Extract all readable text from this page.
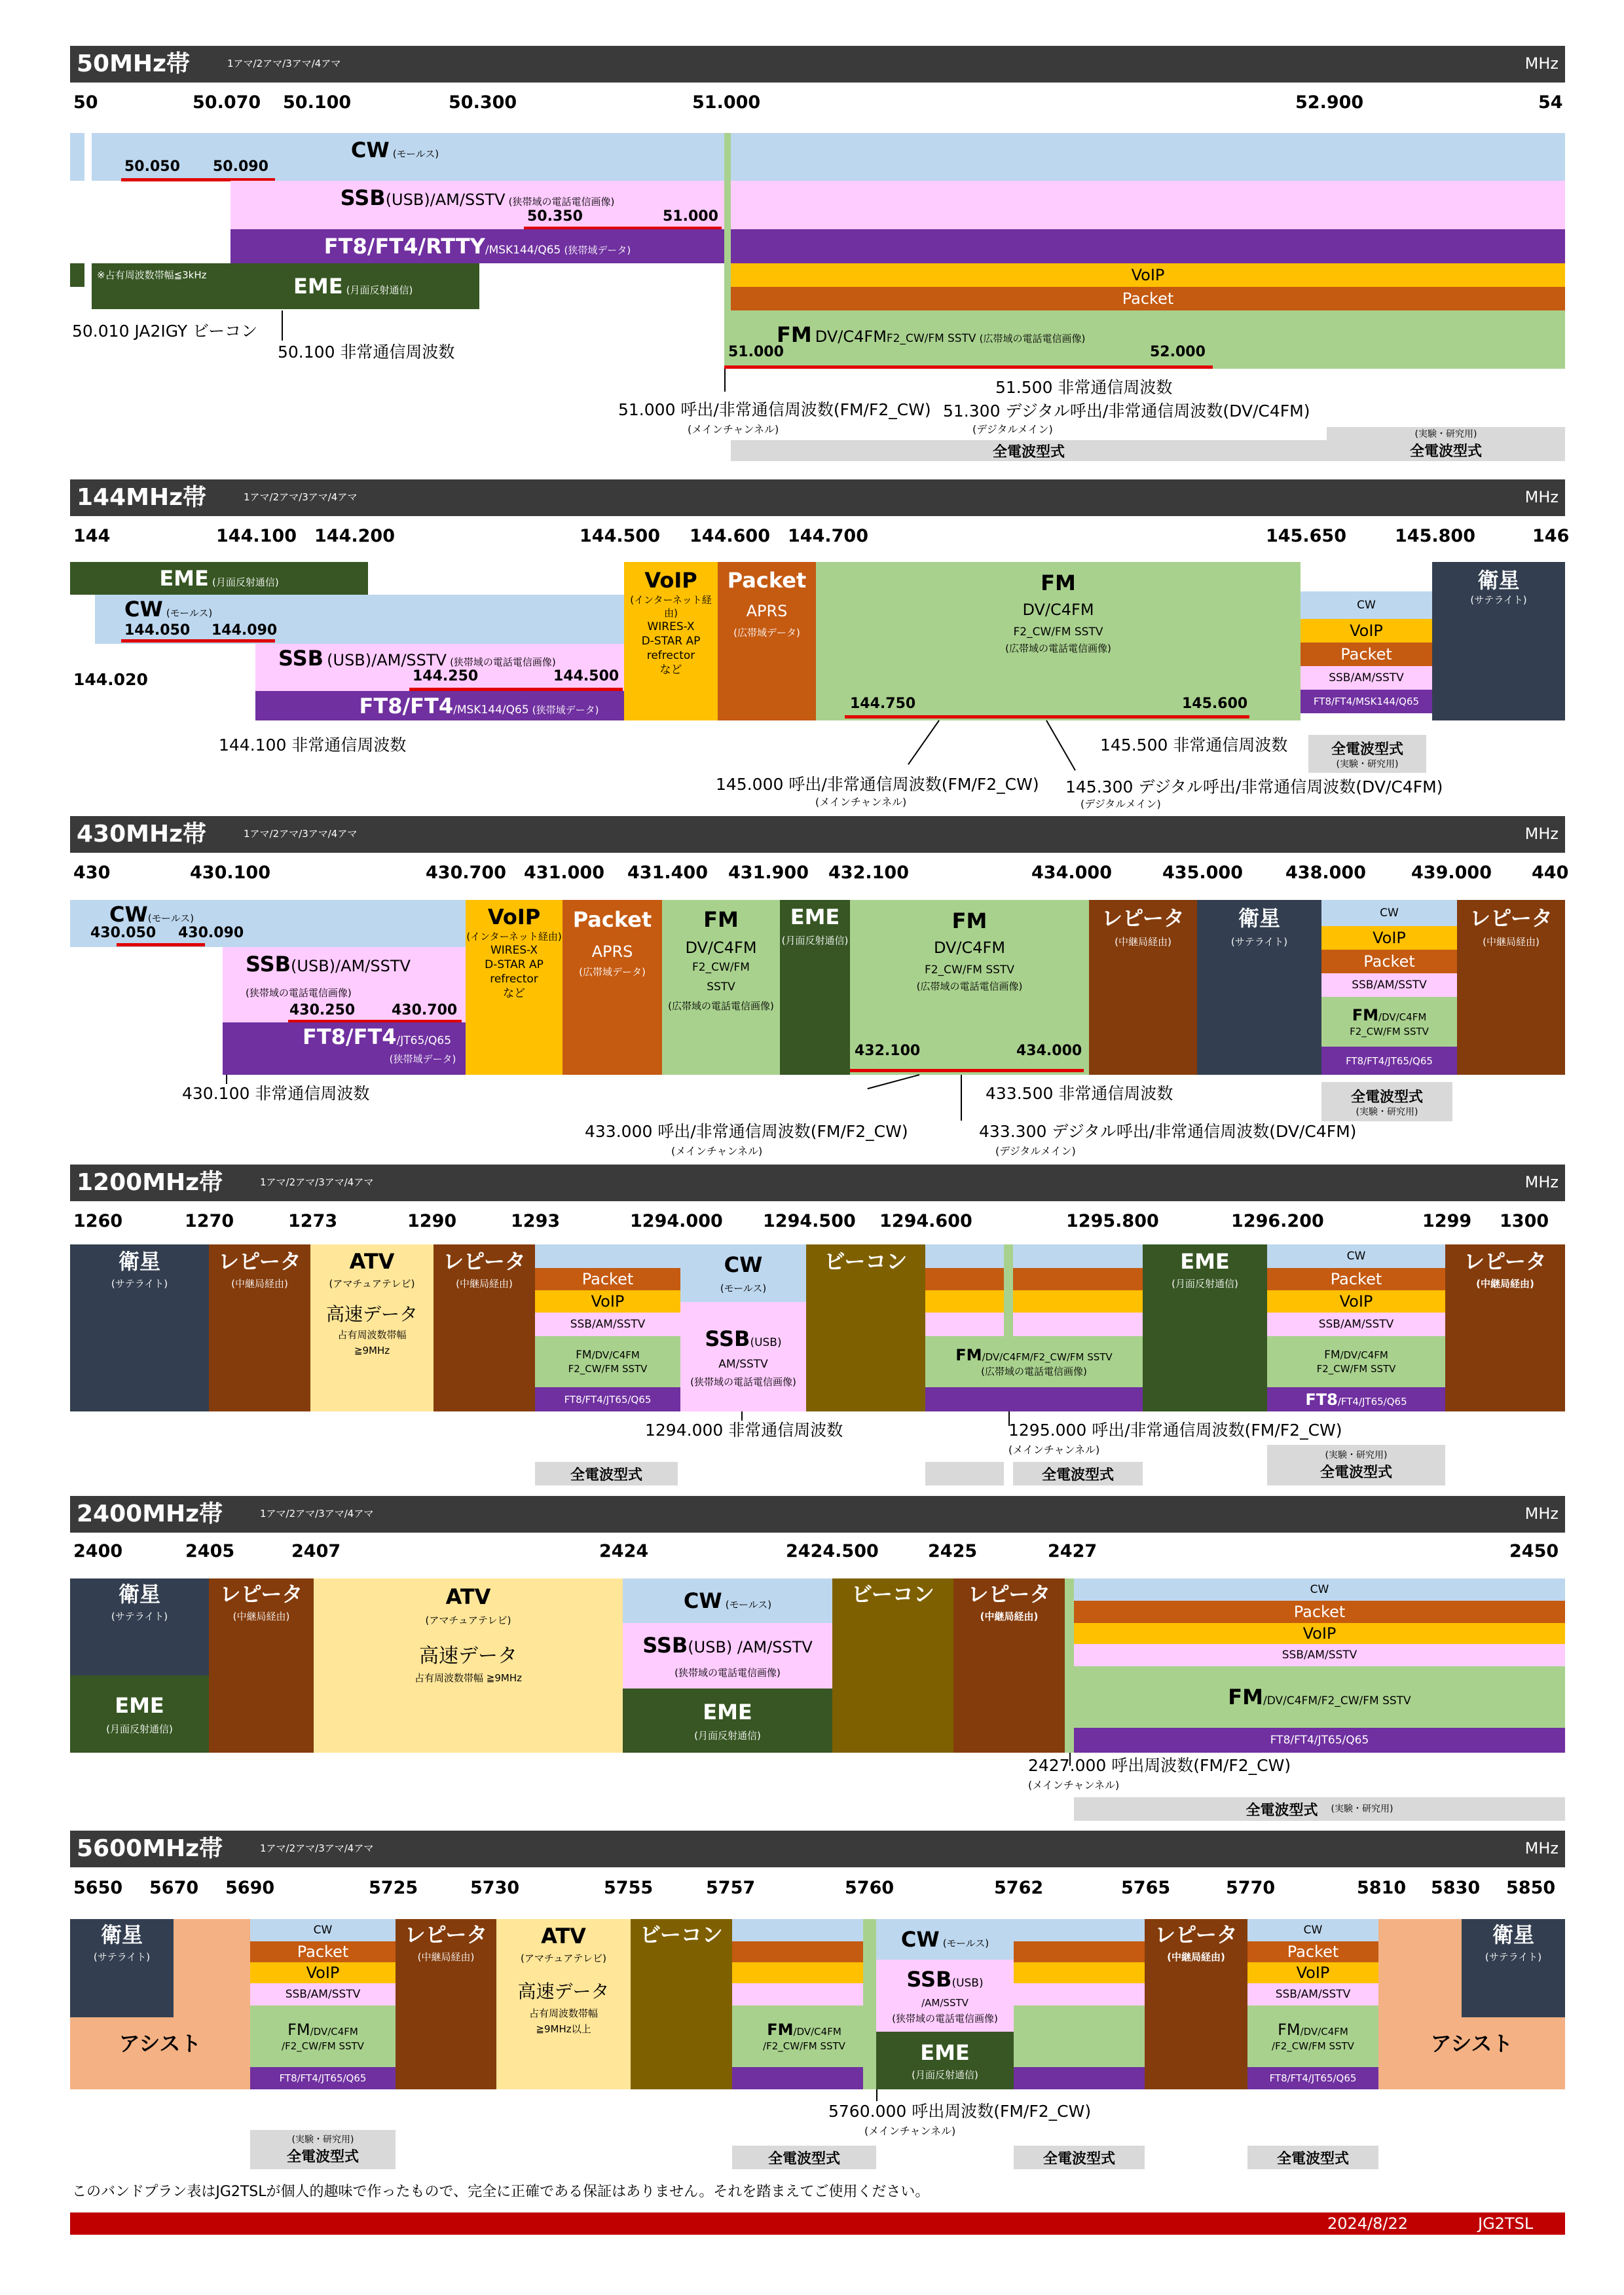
50MHz帯	1アマ/2アマ/3アマ/4アマ	MHz
50	50.070 50.100	50.300	51.000	52.900	54
CW (モールス)
50.050 50.090
SSB(USB)/AM/SSTV (狭帯域の電話電信画像)
50.350	51.000
FT8/FT4/RTTY/MSK144/Q65 (狭帯域データ)
※占有周波数帯幅≦3kHz	EME (月面反射通信)
VoIP
Packet
FM DV/C4FMF2_CW/FM SSTV (広帯域の電話電信画像)
51.000	52.000
50.010 JA2IGY ビーコン
50.100 非常通信周波数
51.000 呼出/非常通信周波数(FM/F2_CW)
(メインチャンネル)
51.500 非常通信周波数
51.300 デジタル呼出/非常通信周波数(DV/C4FM)
(デジタルメイン)
全電波型式
(実験・研究用)
全電波型式
144MHz帯	1アマ/2アマ/3アマ/4アマ	MHz
144	144.100 144.200	144.500 144.600 144.700	145.650	145.800	146
EME (月面反射通信)
CW (モールス)
144.050 144.090
SSB (USB)/AM/SSTV (狭帯域の電話電信画像)
144.250	144.500
FT8/FT4/MSK144/Q65 (狭帯域データ)
VoIP
(インターネット経由)
WIRES-X
D-STAR AP
refrector
など
Packet
APRS
(広帯域データ)
FM
DV/C4FM
F2_CW/FM SSTV
(広帯域の電話電信画像)
144.750	145.600
CW
VoIP
Packet
SSB/AM/SSTV
FT8/FT4/MSK144/Q65
衛星
(サテライト)
144.020
144.100 非常通信周波数
145.000 呼出/非常通信周波数(FM/F2_CW)
(メインチャンネル)
145.500 非常通信周波数
145.300 デジタル呼出/非常通信周波数(DV/C4FM)
(デジタルメイン)
全電波型式
(実験・研究用)
430MHz帯	1アマ/2アマ/3アマ/4アマ	MHz
430	430.100	430.700 431.000 431.400 431.900 432.100	434.000	435.000 438.000	439.000 440
CW(モールス)
430.050 430.090
SSB(USB)/AM/SSTV
(狭帯域の電話電信画像)
430.250	430.700
FT8/FT4/JT65/Q65
(狭帯域データ)
VoIP
(インターネット経由)
WIRES-X
D-STAR AP
refrector
など
Packet
APRS
(広帯域データ)
FM
DV/C4FM
F2_CW/FM
SSTV
(広帯域の電話電信画像)
EME
(月面反射通信)
FM
DV/C4FM
F2_CW/FM SSTV
(広帯域の電話電信画像)
432.100	434.000
レピータ
(中継局経由)
衛星
(サテライト)
CW
VoIP
Packet
SSB/AM/SSTV
FM/DV/C4FM
F2_CW/FM SSTV
FT8/FT4/JT65/Q65
レピータ
(中継局経由)
430.100 非常通信周波数
433.000 呼出/非常通信周波数(FM/F2_CW)
(メインチャンネル)
433.500 非常通信周波数
433.300 デジタル呼出/非常通信周波数(DV/C4FM)
(デジタルメイン)
全電波型式
(実験・研究用)
1200MHz帯	1アマ/2アマ/3アマ/4アマ	MHz
1260	1270	1273	1290	1293	1294.000 1294.500 1294.600	1295.800	1296.200	1299 1300
衛星
(サテライト)
レピータ
(中継局経由)
ATV
(アマチュアテレビ)
高速データ
占有周波数帯幅
≧9MHz
レピータ
(中継局経由)	Packet
VoIP
SSB/AM/SSTV
FM/DV/C4FM
F2_CW/FM SSTV
FT8/FT4/JT65/Q65
CW
(モールス)
SSB(USB)
AM/SSTV
(狭帯域の電話電信画像)
ビーコン
FM/DV/C4FM/F2_CW/FM SSTV
(広帯域の電話電信画像)
EME
(月面反射通信)
CW
Packet
VoIP
SSB/AM/SSTV
FM/DV/C4FM
F2_CW/FM SSTV
FT8/FT4/JT65/Q65
レピータ
(中継局経由)
1294.000 非常通信周波数	1295.000 呼出/非常通信周波数(FM/F2_CW)
(メインチャンネル)
全電波型式	全電波型式
(実験・研究用)
全電波型式
2400MHz帯	1アマ/2アマ/3アマ/4アマ	MHz
2400	2405	2407	2424	2424.500	2425	2427	2450
衛星
(サテライト)
EME
(月面反射通信)
レピータ
(中継局経由)
ATV
(アマチュアテレビ)
高速データ
占有周波数帯幅 ≧9MHz
CW (モールス)
SSB(USB) /AM/SSTV
(狭帯域の電話電信画像)
EME
(月面反射通信)
ビーコン レピータ
(中継局経由)
CW
Packet
VoIP
SSB/AM/SSTV
FM/DV/C4FM/F2_CW/FM SSTV
FT8/FT4/JT65/Q65
2427.000 呼出周波数(FM/F2_CW)
(メインチャンネル)
全電波型式 (実験・研究用)
5600MHz帯	1アマ/2アマ/3アマ/4アマ	MHz
5650 5670 5690	5725	5730	5755	5757	5760	5762	5765	5770	5810 5830 5850
アシスト
衛星
(サテライト)
CW
Packet
VoIP
SSB/AM/SSTV
FM/DV/C4FM
/F2_CW/FM SSTV
FT8/FT4/JT65/Q65
レピータ
(中継局経由)
ATV
(アマチュアテレビ)
高速データ
占有周波数帯幅
≧9MHz以上
ビーコン
FM/DV/C4FM
/F2_CW/FM SSTV
CW (モールス)
SSB(USB)
/AM/SSTV
(狭帯域の電話電信画像)
EME
(月面反射通信)
レピータ
(中継局経由)
CW
Packet
VoIP
SSB/AM/SSTV
FM/DV/C4FM
/F2_CW/FM SSTV
FT8/FT4/JT65/Q65
アシスト
衛星
(サテライト)
5760.000 呼出周波数(FM/F2_CW)
(メインチャンネル)
(実験・研究用)
全電波型式	全電波型式	全電波型式	全電波型式
このバンドプラン表はJG2TSLが個人的趣味で作ったもので、完全に正確である保証はありません。それを踏まえてご使用ください。
2024/8/22	JG2TSL
